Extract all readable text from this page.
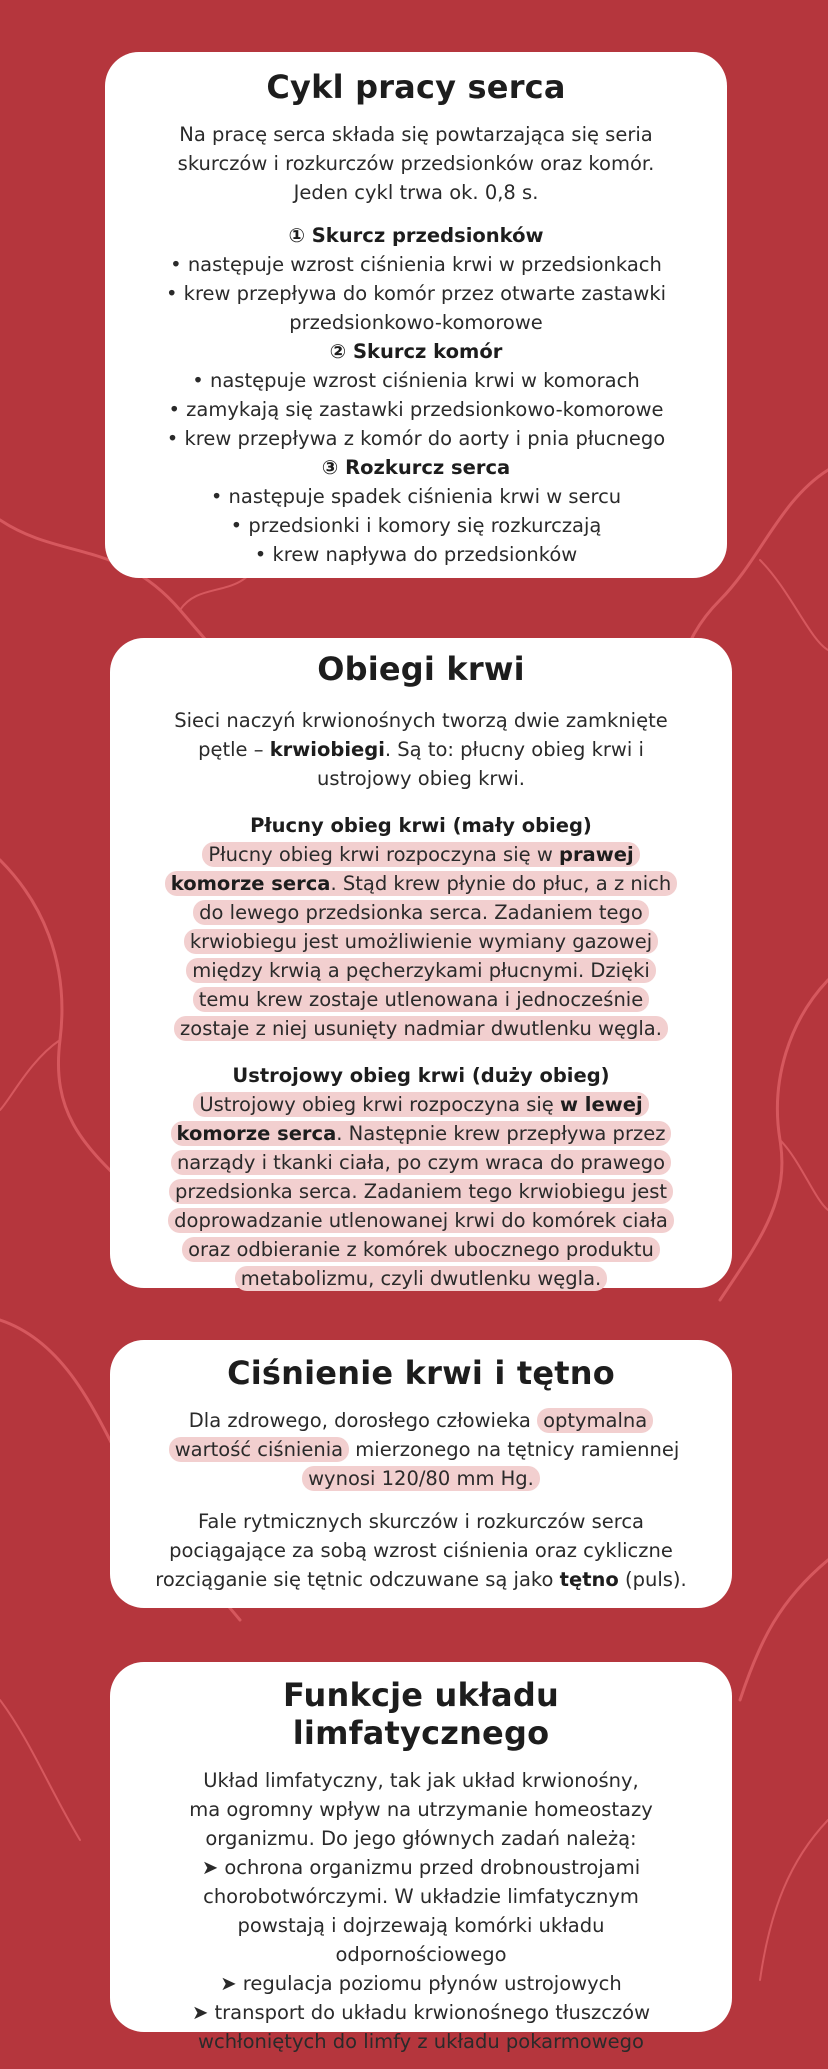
Cykl pracy serca

Na pracę serca składa się powtarzająca się seria

skurczów i rozkurczów przedsionków oraz komór.

Jeden cykl trwa ok. 0,8 s.

① Skurcz przedsionków

• następuje wzrost ciśnienia krwi w przedsionkach

• krew przepływa do komór przez otwarte zastawki

przedsionkowo-komorowe

② Skurcz komór

• następuje wzrost ciśnienia krwi w komorach

• zamykają się zastawki przedsionkowo-komorowe

• krew przepływa z komór do aorty i pnia płucnego

③ Rozkurcz serca

• następuje spadek ciśnienia krwi w sercu

• przedsionki i komory się rozkurczają

• krew napływa do przedsionków

Obiegi krwi

Sieci naczyń krwionośnych tworzą dwie zamknięte pętle – krwiobiegi. Są to: płucny obieg krwi i ustrojowy obieg krwi.

Płucny obieg krwi (mały obieg)

Płucny obieg krwi rozpoczyna się w prawej komorze serca. Stąd krew płynie do płuc, a z nich do lewego przedsionka serca. Zadaniem tego krwiobiegu jest umożliwienie wymiany gazowej między krwią a pęcherzykami płucnymi. Dzięki temu krew zostaje utlenowana i jednocześnie zostaje z niej usunięty nadmiar dwutlenku węgla.

Ustrojowy obieg krwi (duży obieg)

Ustrojowy obieg krwi rozpoczyna się w lewej komorze serca. Następnie krew przepływa przez narządy i tkanki ciała, po czym wraca do prawego przedsionka serca. Zadaniem tego krwiobiegu jest doprowadzanie utlenowanej krwi do komórek ciała oraz odbieranie z komórek ubocznego produktu metabolizmu, czyli dwutlenku węgla.

Ciśnienie krwi i tętno

Dla zdrowego, dorosłego człowieka optymalna wartość ciśnienia mierzonego na tętnicy ramiennej wynosi 120/80 mm Hg.

Fale rytmicznych skurczów i rozkurczów serca pociągające za sobą wzrost ciśnienia oraz cykliczne rozciąganie się tętnic odczuwane są jako tętno (puls).

Funkcje układu limfatycznego

Układ limfatyczny, tak jak układ krwionośny,

ma ogromny wpływ na utrzymanie homeostazy

organizmu. Do jego głównych zadań należą:

➤ ochrona organizmu przed drobnoustrojami

chorobotwórczymi. W układzie limfatycznym

powstają i dojrzewają komórki układu

odpornościowego

➤ regulacja poziomu płynów ustrojowych

➤ transport do układu krwionośnego tłuszczów

wchłoniętych do limfy z układu pokarmowego
